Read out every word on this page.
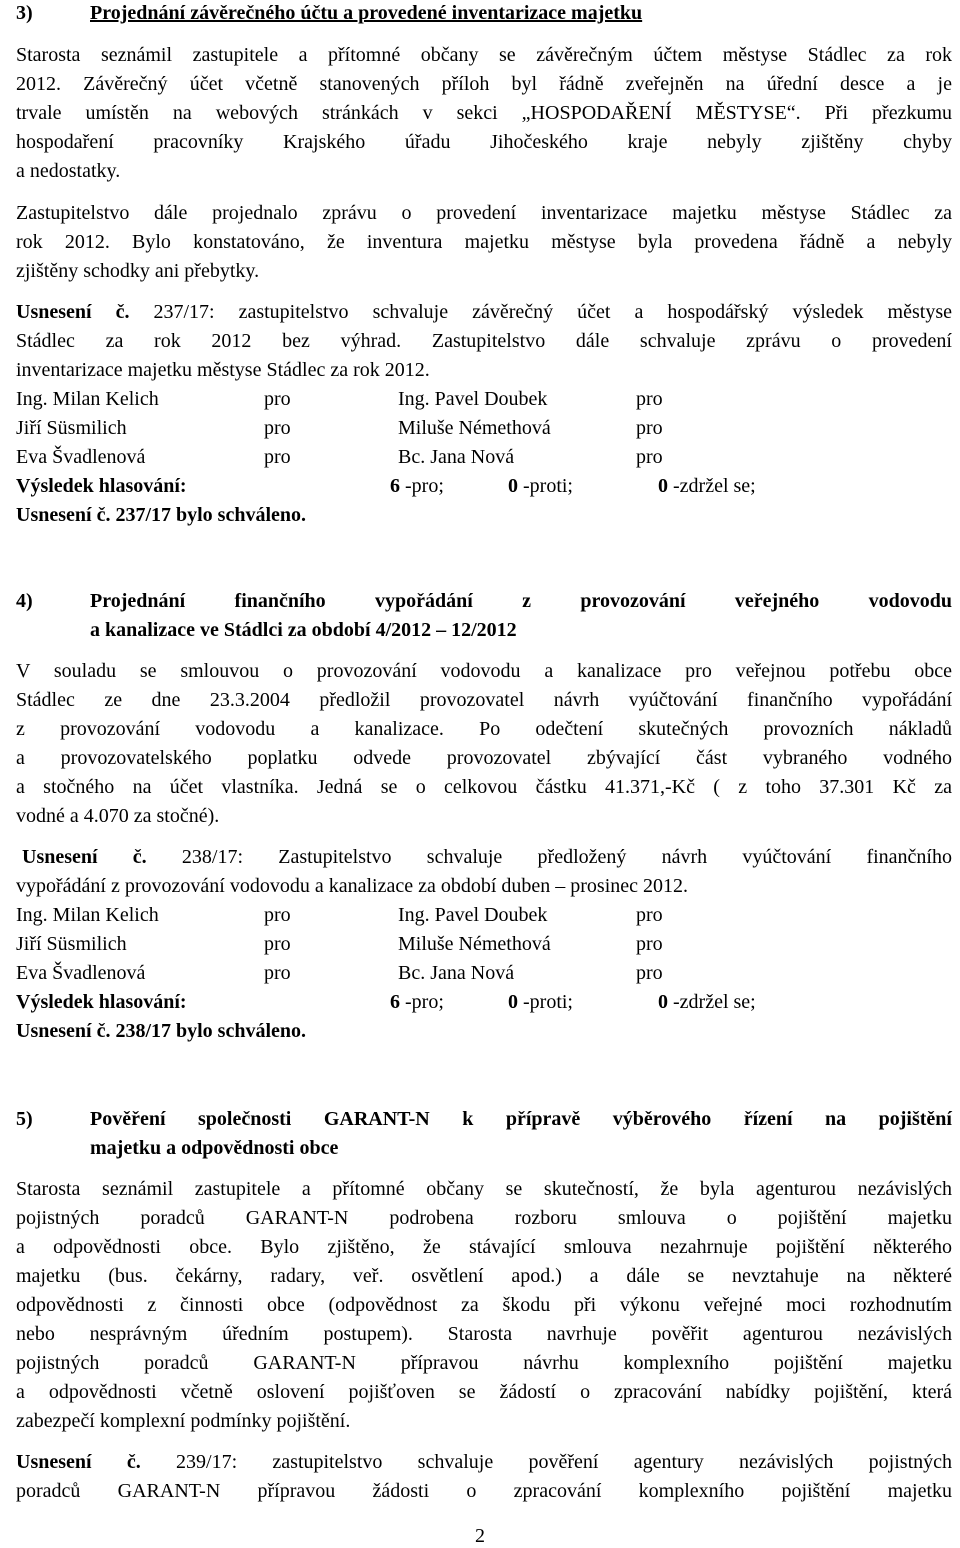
3)	Projednání závěrečného účtu a provedené inventarizace majetku
Starosta seznámil zastupitele a přítomné občany se závěrečným účtem městyse Stádlec za rok
2012. Závěrečný účet včetně stanovených příloh byl řádně zveřejněn na úřední desce a je
trvale umístěn na webových stránkách v sekci „HOSPODAŘENÍ MĚSTYSE“. Při přezkumu
hospodaření pracovníky Krajského úřadu Jihočeského kraje nebyly zjištěny chyby
a nedostatky.
Zastupitelstvo dále projednalo zprávu o provedení inventarizace majetku městyse Stádlec za
rok 2012. Bylo konstatováno, že inventura majetku městyse byla provedena řádně a nebyly
zjištěny schodky ani přebytky.
Usnesení č. 237/17: zastupitelstvo schvaluje závěrečný účet a hospodářský výsledek městyse
Stádlec za rok 2012 bez výhrad. Zastupitelstvo dále schvaluje zprávu o provedení
inventarizace majetku městyse Stádlec za rok 2012.
Ing. Milan Kelich	pro	Ing. Pavel Doubek	pro
Jiří Süsmilich	pro	Miluše Némethová	pro
Eva Švadlenová	pro	Bc. Jana Nová	pro
Výsledek hlasování:	6 -pro;	0 -proti;	0 -zdržel se;
Usnesení č. 237/17 bylo schváleno.
4)	Projednání finančního vypořádání z provozování veřejného vodovodu
a kanalizace ve Stádlci za období 4/2012 – 12/2012
V souladu se smlouvou o provozování vodovodu a kanalizace pro veřejnou potřebu obce
Stádlec ze dne 23.3.2004 předložil provozovatel návrh vyúčtování finančního vypořádání
z provozování vodovodu a kanalizace. Po odečtení skutečných provozních nákladů
a provozovatelského poplatku odvede provozovatel zbývající část vybraného vodného
a stočného na účet vlastníka. Jedná se o celkovou částku 41.371,-Kč ( z toho 37.301 Kč za
vodné a 4.070 za stočné).
Usnesení č. 238/17: Zastupitelstvo schvaluje předložený návrh vyúčtování finančního
vypořádání z provozování vodovodu a kanalizace za období duben – prosinec 2012.
Ing. Milan Kelich	pro	Ing. Pavel Doubek	pro
Jiří Süsmilich	pro	Miluše Némethová	pro
Eva Švadlenová	pro	Bc. Jana Nová	pro
Výsledek hlasování:	6 -pro;	0 -proti;	0 -zdržel se;
Usnesení č. 238/17 bylo schváleno.
5)	Pověření společnosti GARANT-N k přípravě výběrového řízení na pojištění
majetku a odpovědnosti obce
Starosta seznámil zastupitele a přítomné občany se skutečností, že byla agenturou nezávislých
pojistných poradců GARANT-N podrobena rozboru smlouva o pojištění majetku
a odpovědnosti obce. Bylo zjištěno, že stávající smlouva nezahrnuje pojištění některého
majetku (bus. čekárny, radary, veř. osvětlení apod.) a dále se nevztahuje na některé
odpovědnosti z činnosti obce (odpovědnost za škodu při výkonu veřejné moci rozhodnutím
nebo nesprávným úředním postupem). Starosta navrhuje pověřit agenturou nezávislých
pojistných poradců GARANT-N přípravou návrhu komplexního pojištění majetku
a odpovědnosti včetně oslovení pojišťoven se žádostí o zpracování nabídky pojištění, která
zabezpečí komplexní podmínky pojištění.
Usnesení č. 239/17: zastupitelstvo schvaluje pověření agentury nezávislých pojistných
poradců GARANT-N přípravou žádosti o zpracování komplexního pojištění majetku
2
